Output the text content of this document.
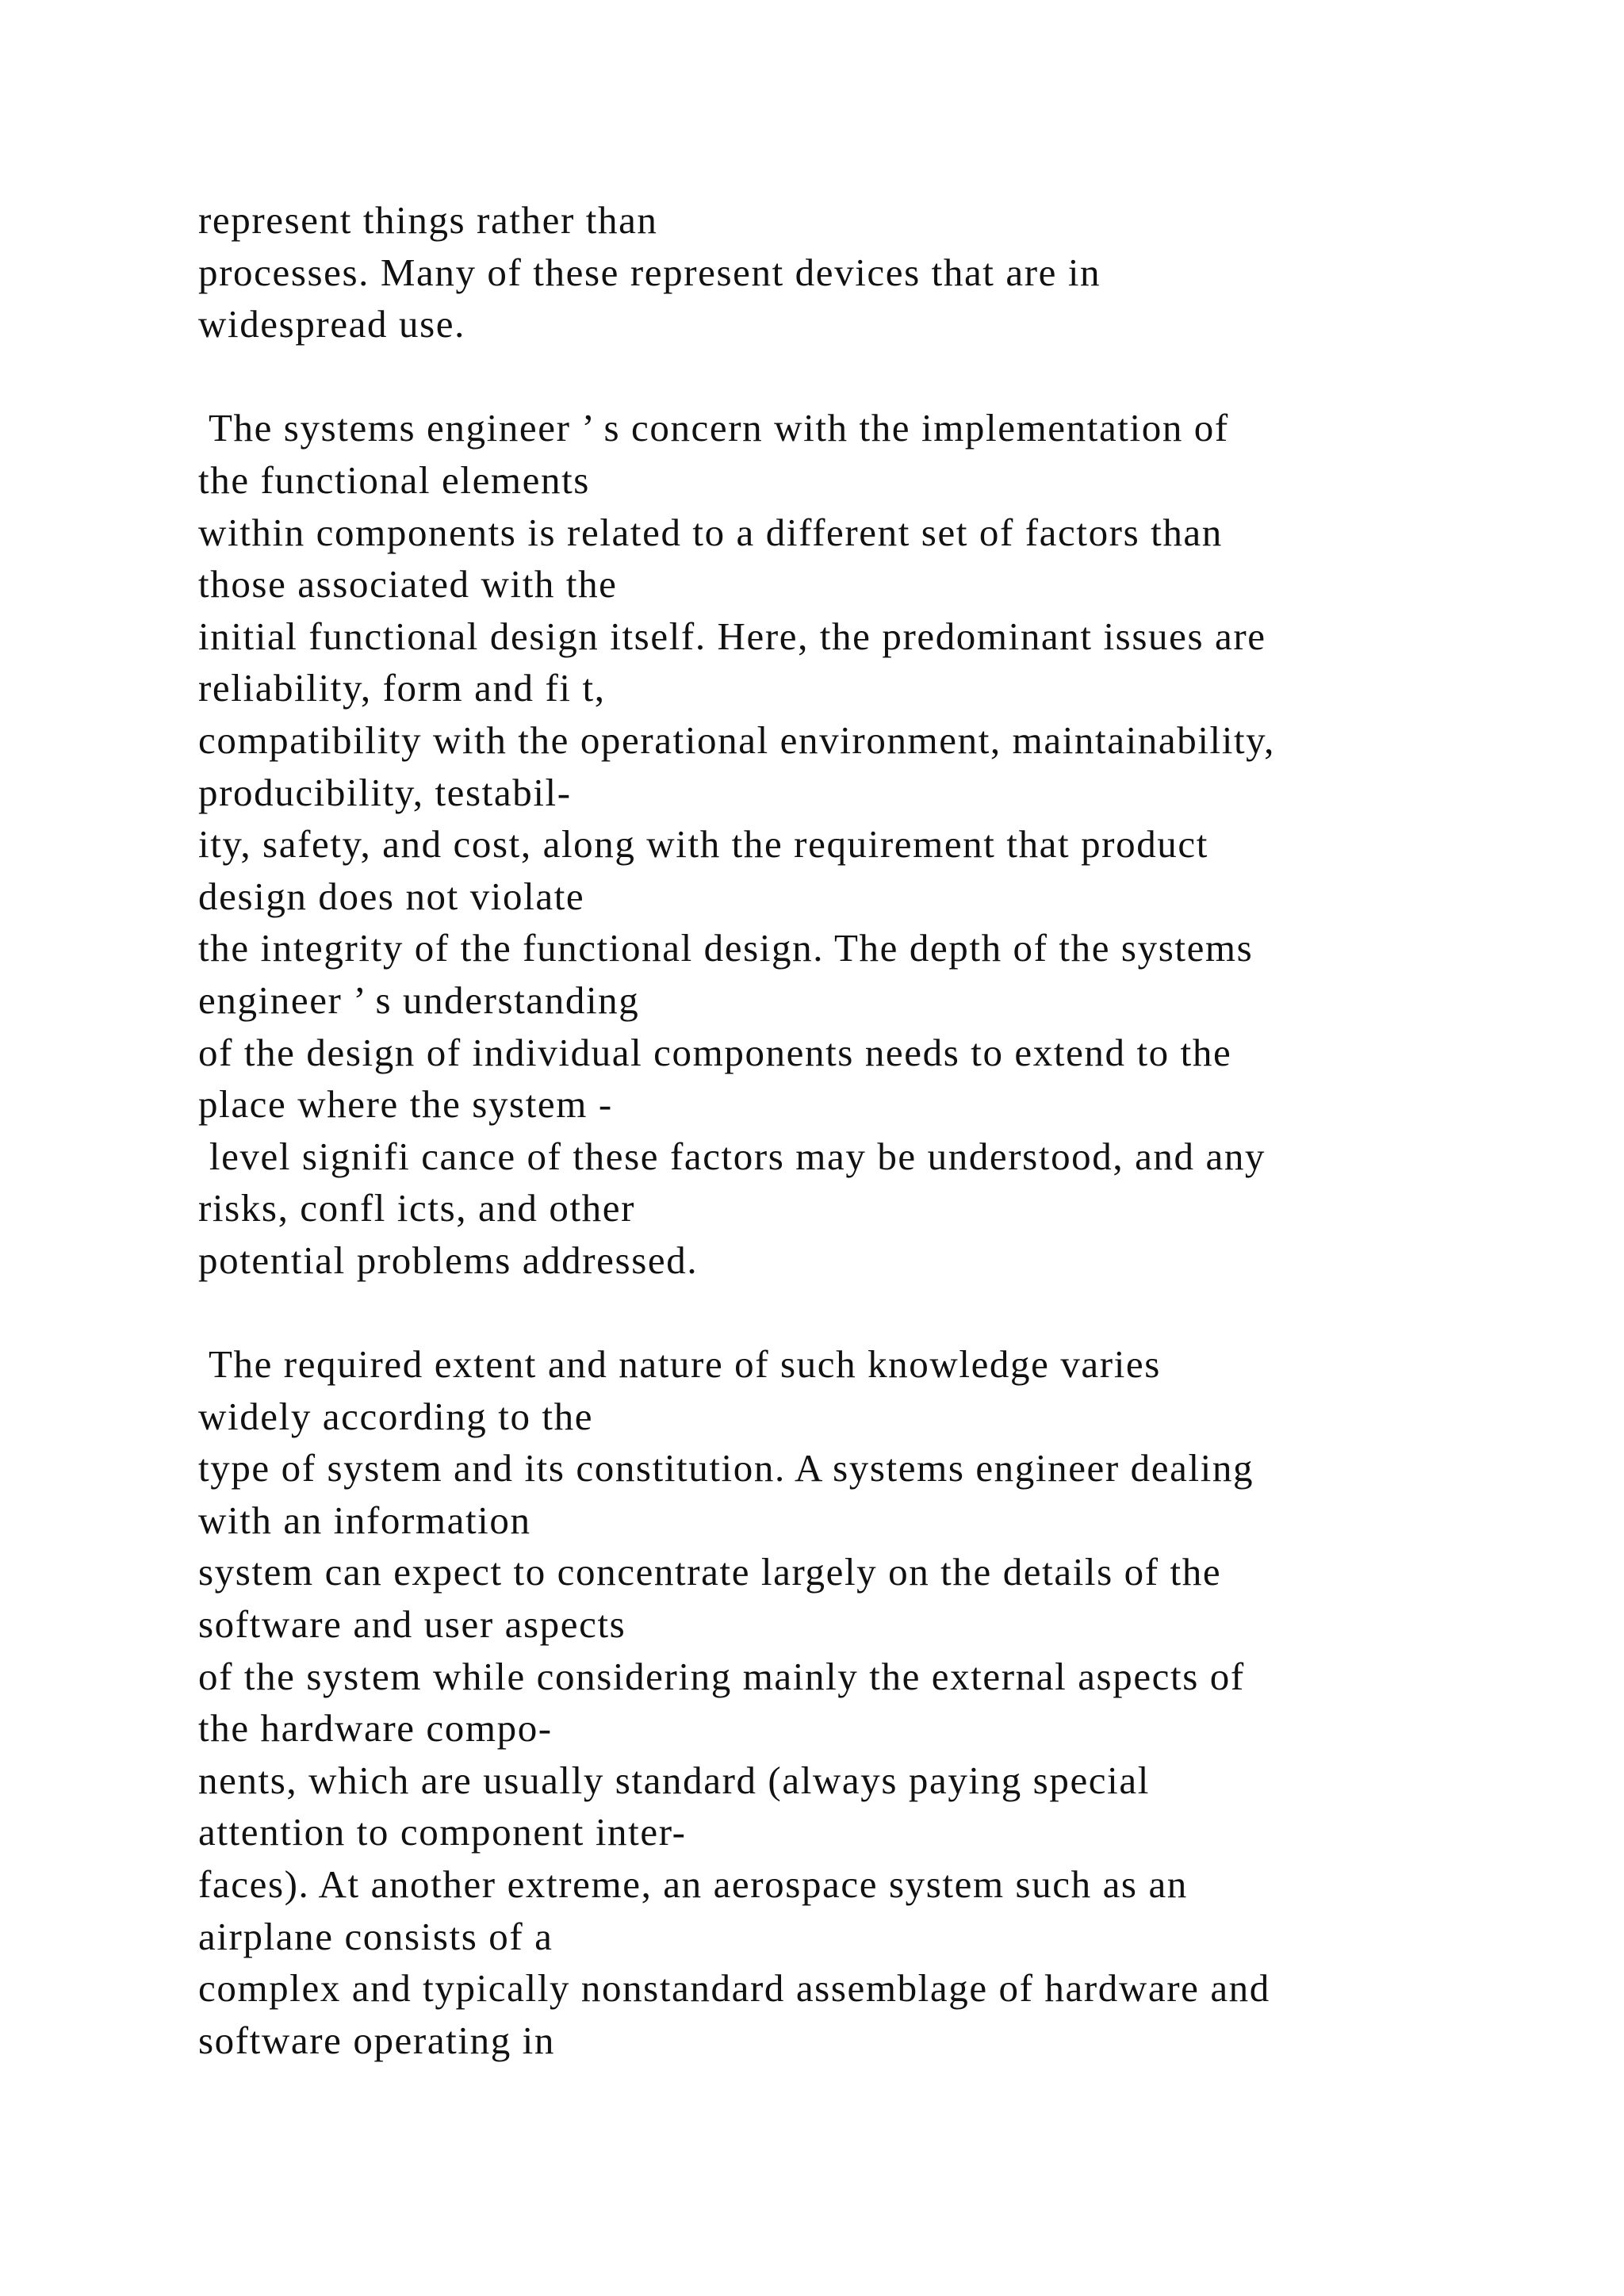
represent things rather than
processes. Many of these represent devices that are in
widespread use.
The systems engineer ’ s concern with the implementation of
the functional elements
within components is related to a different set of factors than
those associated with the
initial functional design itself. Here, the predominant issues are
reliability, form and fi t,
compatibility with the operational environment, maintainability,
producibility, testabil-
ity, safety, and cost, along with the requirement that product
design does not violate
the integrity of the functional design. The depth of the systems
engineer ’ s understanding
of the design of individual components needs to extend to the
place where the system -
level signifi cance of these factors may be understood, and any
risks, confl icts, and other
potential problems addressed.
The required extent and nature of such knowledge varies
widely according to the
type of system and its constitution. A systems engineer dealing
with an information
system can expect to concentrate largely on the details of the
software and user aspects
of the system while considering mainly the external aspects of
the hardware compo-
nents, which are usually standard (always paying special
attention to component inter-
faces). At another extreme, an aerospace system such as an
airplane consists of a
complex and typically nonstandard assemblage of hardware and
software operating in
